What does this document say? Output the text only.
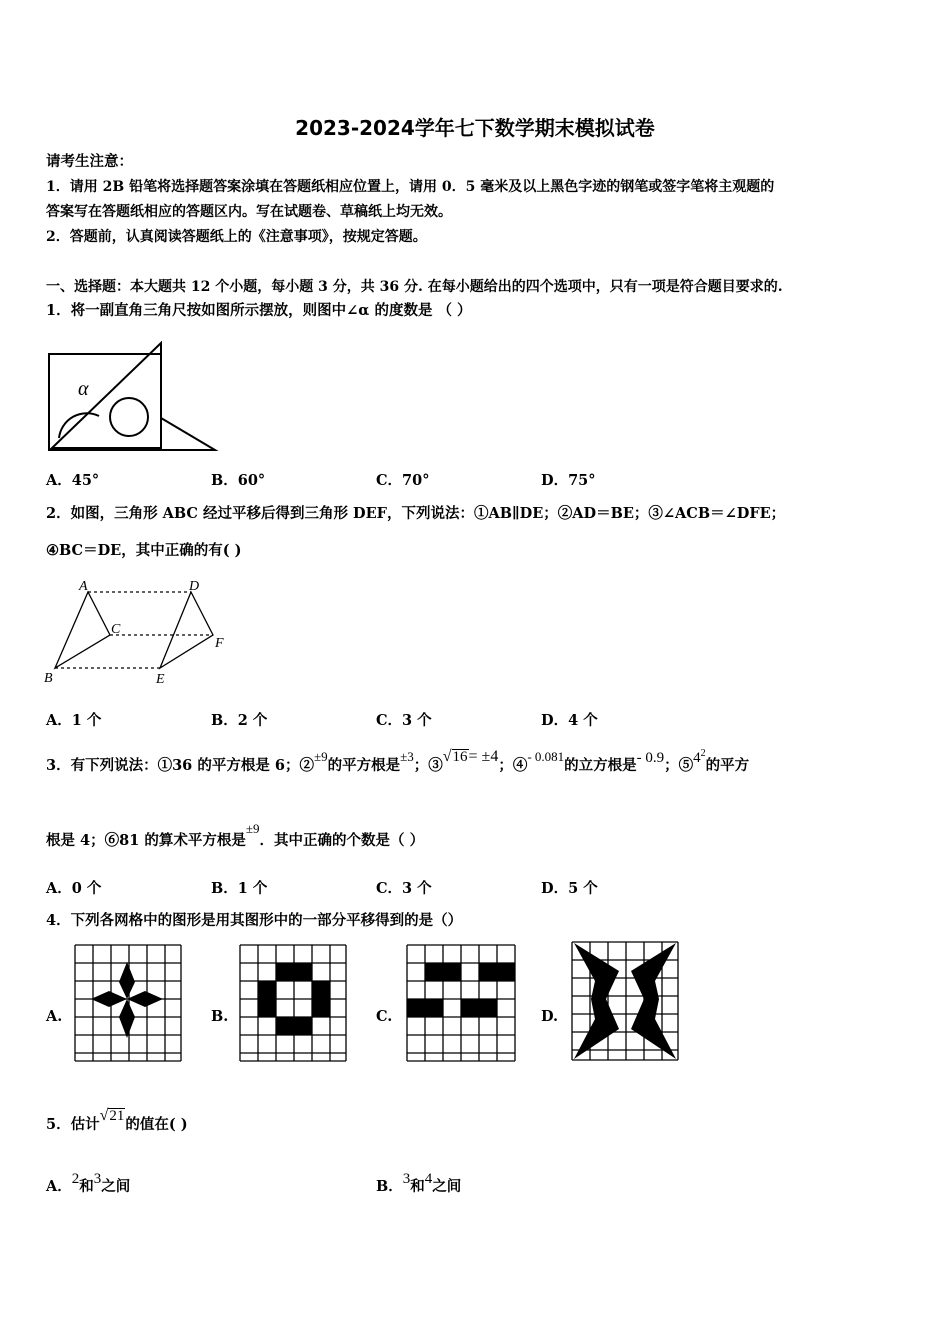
2023-2024学年七下数学期末模拟试卷
请考生注意：
1．请用 2B 铅笔将选择题答案涂填在答题纸相应位置上，请用 0．5 毫米及以上黑色字迹的钢笔或签字笔将主观题的
答案写在答题纸相应的答题区内。写在试题卷、草稿纸上均无效。
2．答题前，认真阅读答题纸上的《注意事项》，按规定答题。
一、选择题：本大题共 12 个小题，每小题 3 分，共 36 分. 在每小题给出的四个选项中，只有一项是符合题目要求的.
1．将一副直角三角尺按如图所示摆放，则图中∠α 的度数是 （ ）
α
A．45°	B．60°	C．70°	D．75°
2．如图，三角形 ABC 经过平移后得到三角形 DEF，下列说法：①AB∥DE；②AD＝BE；③∠ACB＝∠DFE；
④BC＝DE，其中正确的有( )
A
B
C
D
E
F
A．1 个	B．2 个	C．3 个	D．4 个
3．有下列说法：①36 的平方根是 6；②±9的平方根是±3；③√16= ±4；④- 0.081的立方根是- 0.9；$⑤4^2$的平方
根是 4；⑥81 的算术平方根是±9．其中正确的个数是（ ）
A．0 个	B．1 个	C．3 个	D．5 个
4．下列各网格中的图形是用其图形中的一部分平移得到的是（）
A.	B.	C.	D.
5．估计√21的值在( )
A．2和3之间	B．3和4之间
